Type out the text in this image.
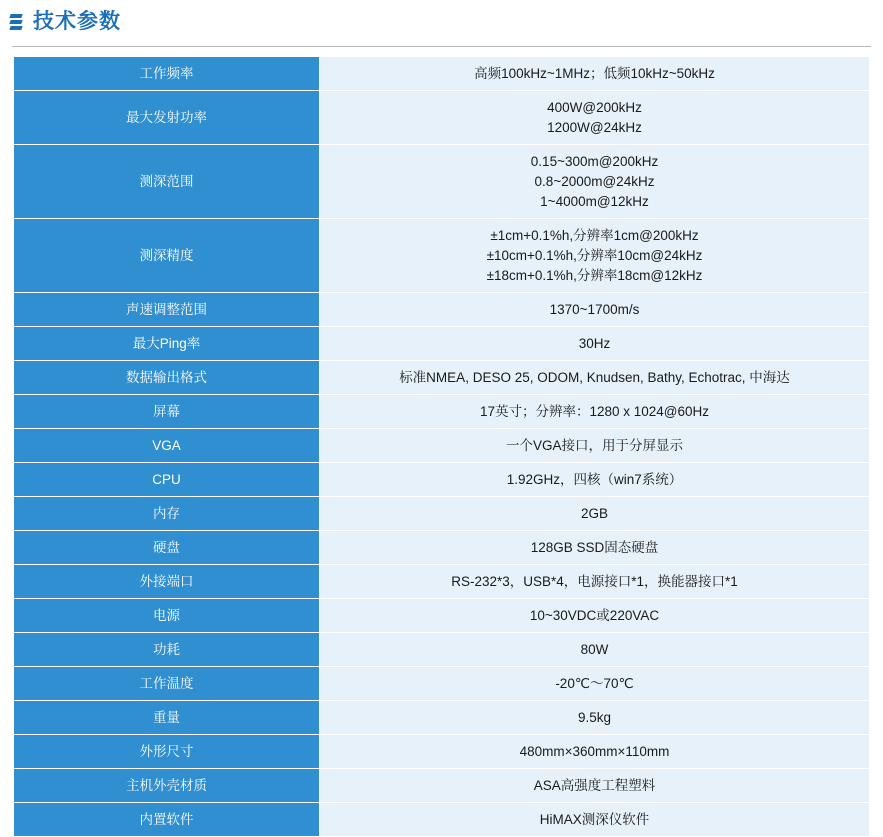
技术参数
工作频率	高频100kHz~1MHz；低频10kHz~50kHz

最大发射功率	400W@200kHz
1200W@24kHz

测深范围	0.15~300m@200kHz
0.8~2000m@24kHz
1~4000m@12kHz

测深精度	±1cm+0.1%h,分辨率1cm@200kHz
±10cm+0.1%h,分辨率10cm@24kHz
±18cm+0.1%h,分辨率18cm@12kHz

声速调整范围	1370~1700m/s

最大Ping率	30Hz

数据输出格式	标准NMEA, DESO 25, ODOM, Knudsen, Bathy, Echotrac, 中海达

屏幕	17英寸；分辨率：1280 x 1024@60Hz

VGA	一个VGA接口，用于分屏显示

CPU	1.92GHz，四核（win7系统）

内存	2GB

硬盘	128GB SSD固态硬盘

外接端口	RS-232*3，USB*4，电源接口*1，换能器接口*1

电源	10~30VDC或220VAC

功耗	80W

工作温度	-20℃～70℃

重量	9.5kg

外形尺寸	480mm×360mm×110mm

主机外壳材质	ASA高强度工程塑料

内置软件	HiMAX测深仪软件
